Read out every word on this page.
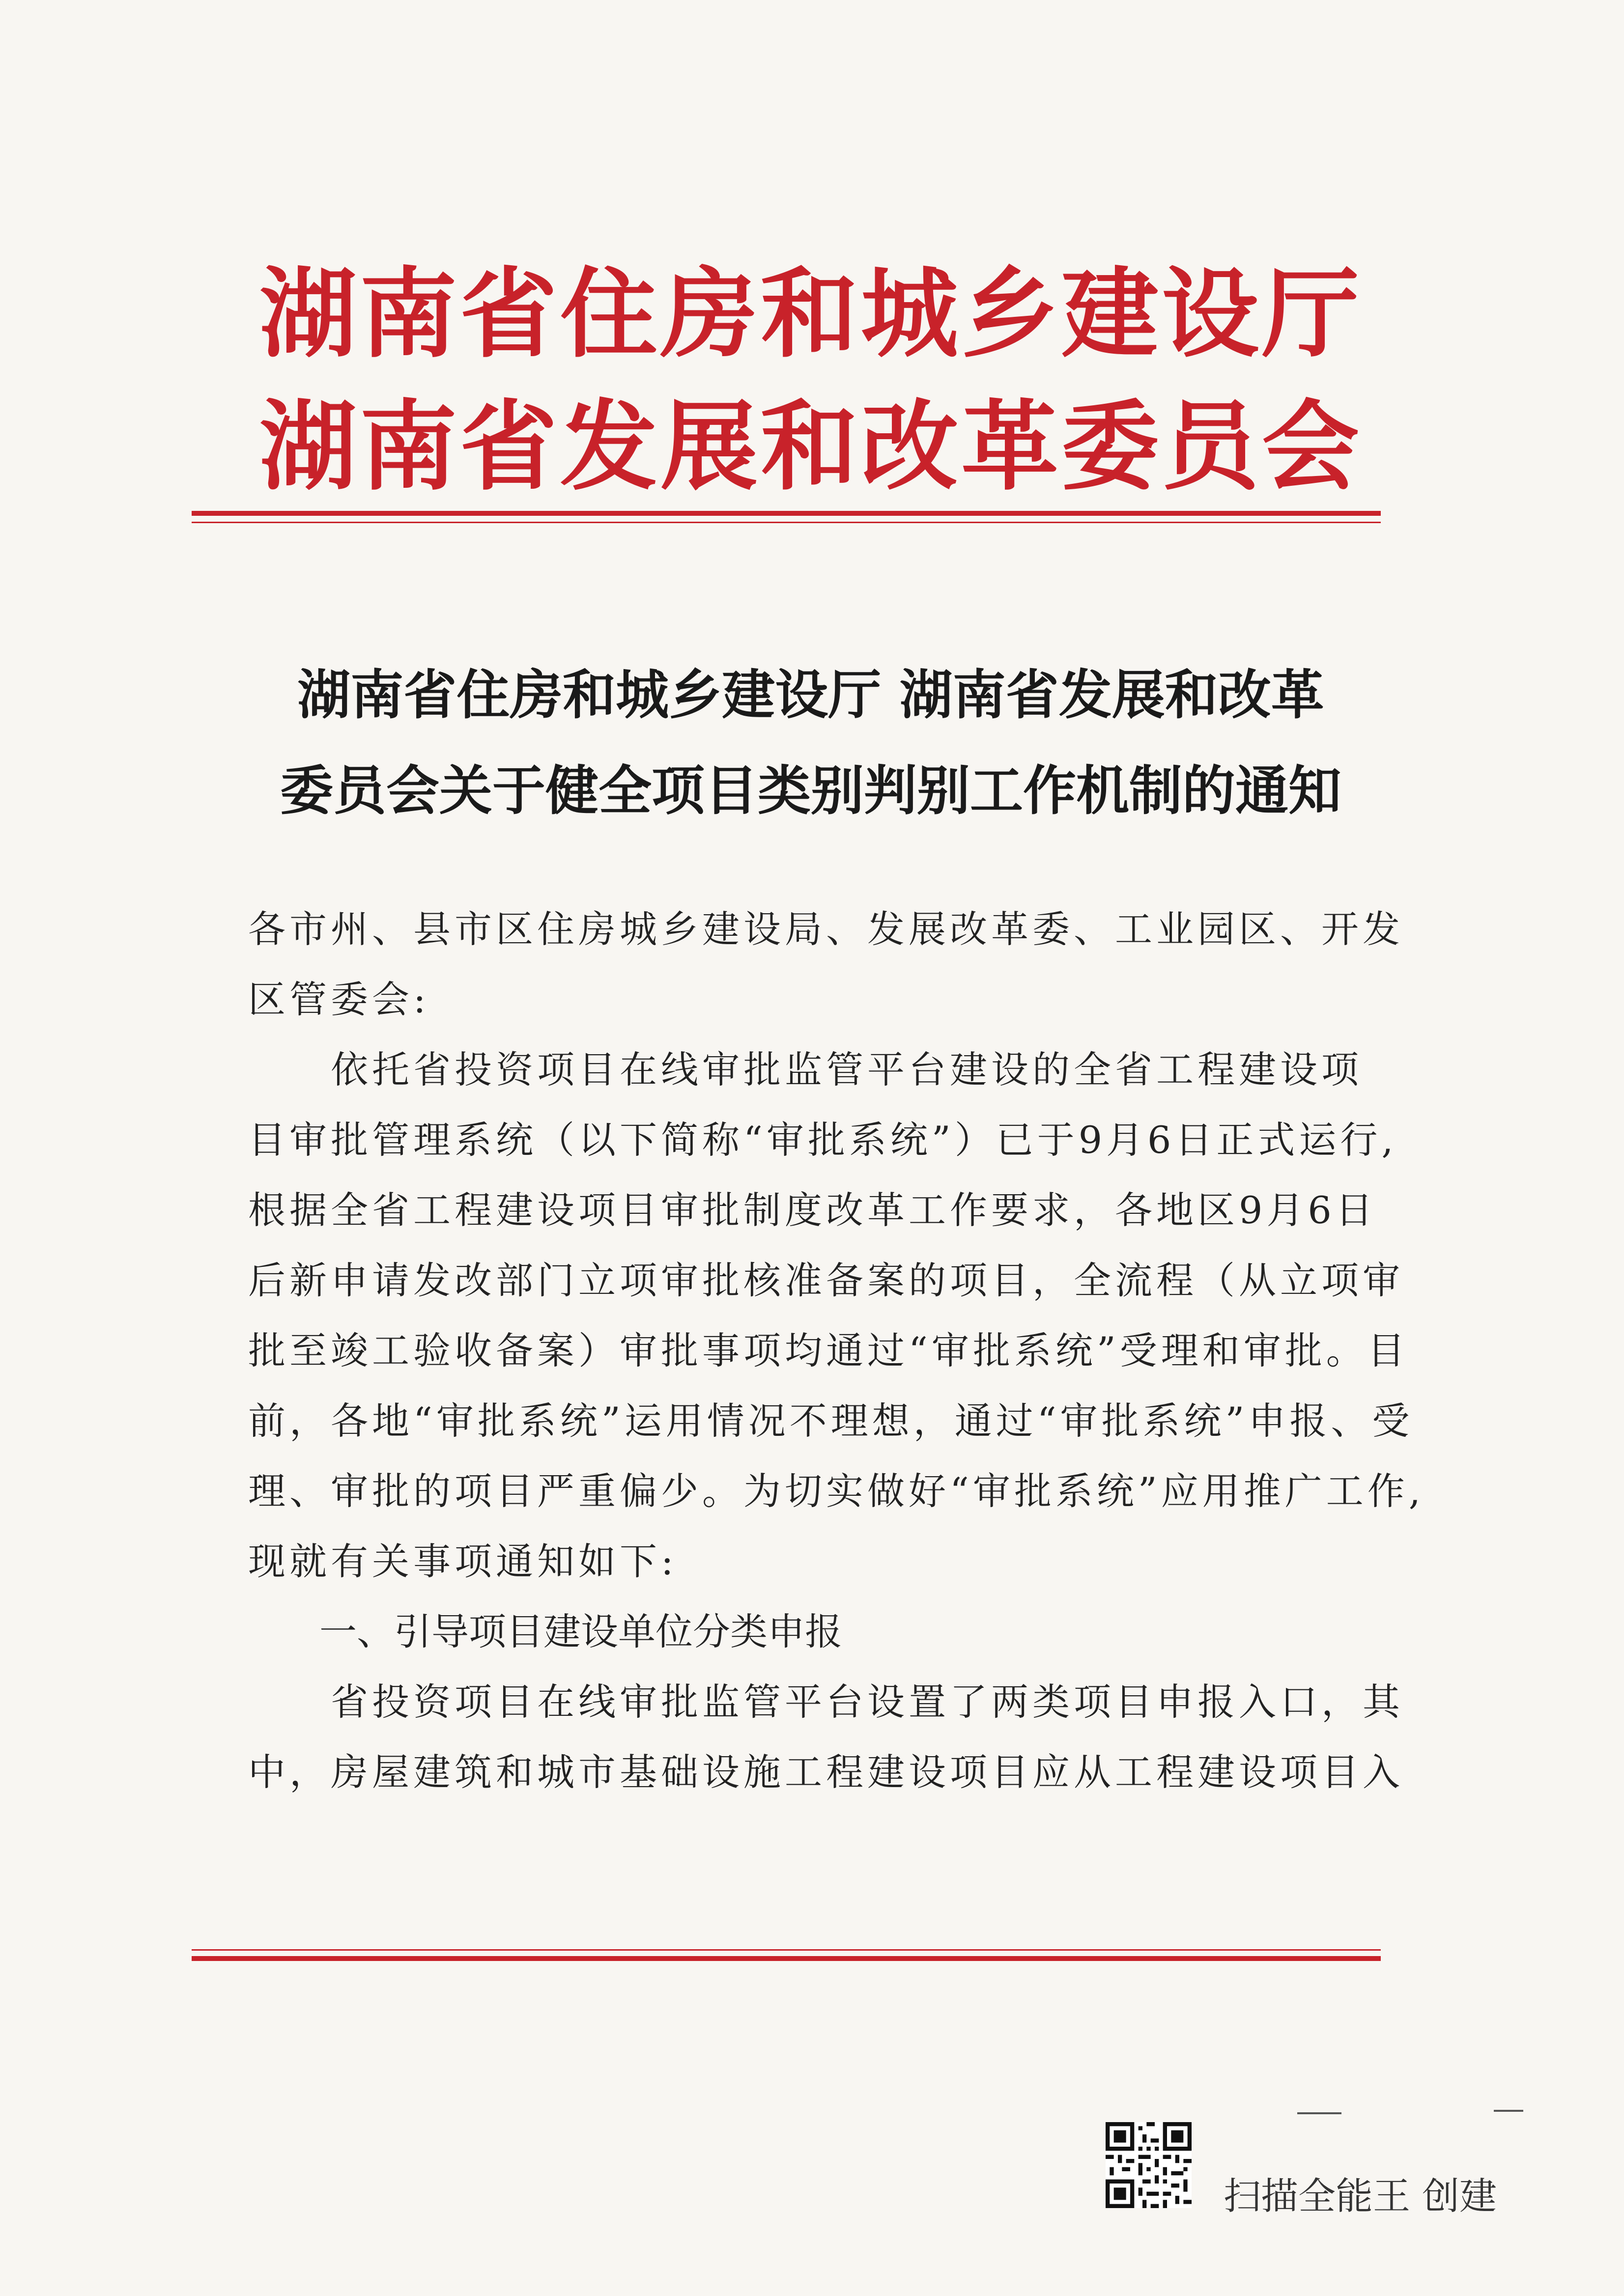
湖南省住房和城乡建设厅
湖南省发展和改革委员会
湖南省住房和城乡建设厅 湖南省发展和改革
委员会关于健全项目类别判别工作机制的通知
各市州、县市区住房城乡建设局、发展改革委、工业园区、开发
区管委会:
　　依托省投资项目在线审批监管平台建设的全省工程建设项
目审批管理系统（以下简称“审批系统”）已于9月6日正式运行,
根据全省工程建设项目审批制度改革工作要求，各地区9月6日
后新申请发改部门立项审批核准备案的项目，全流程（从立项审
批至竣工验收备案）审批事项均通过“审批系统”受理和审批。目
前，各地“审批系统”运用情况不理想，通过“审批系统”申报、受
理、审批的项目严重偏少。为切实做好“审批系统”应用推广工作,
现就有关事项通知如下:
一、引导项目建设单位分类申报
　　省投资项目在线审批监管平台设置了两类项目申报入口，其
中，房屋建筑和城市基础设施工程建设项目应从工程建设项目入
扫描全能王 创建
